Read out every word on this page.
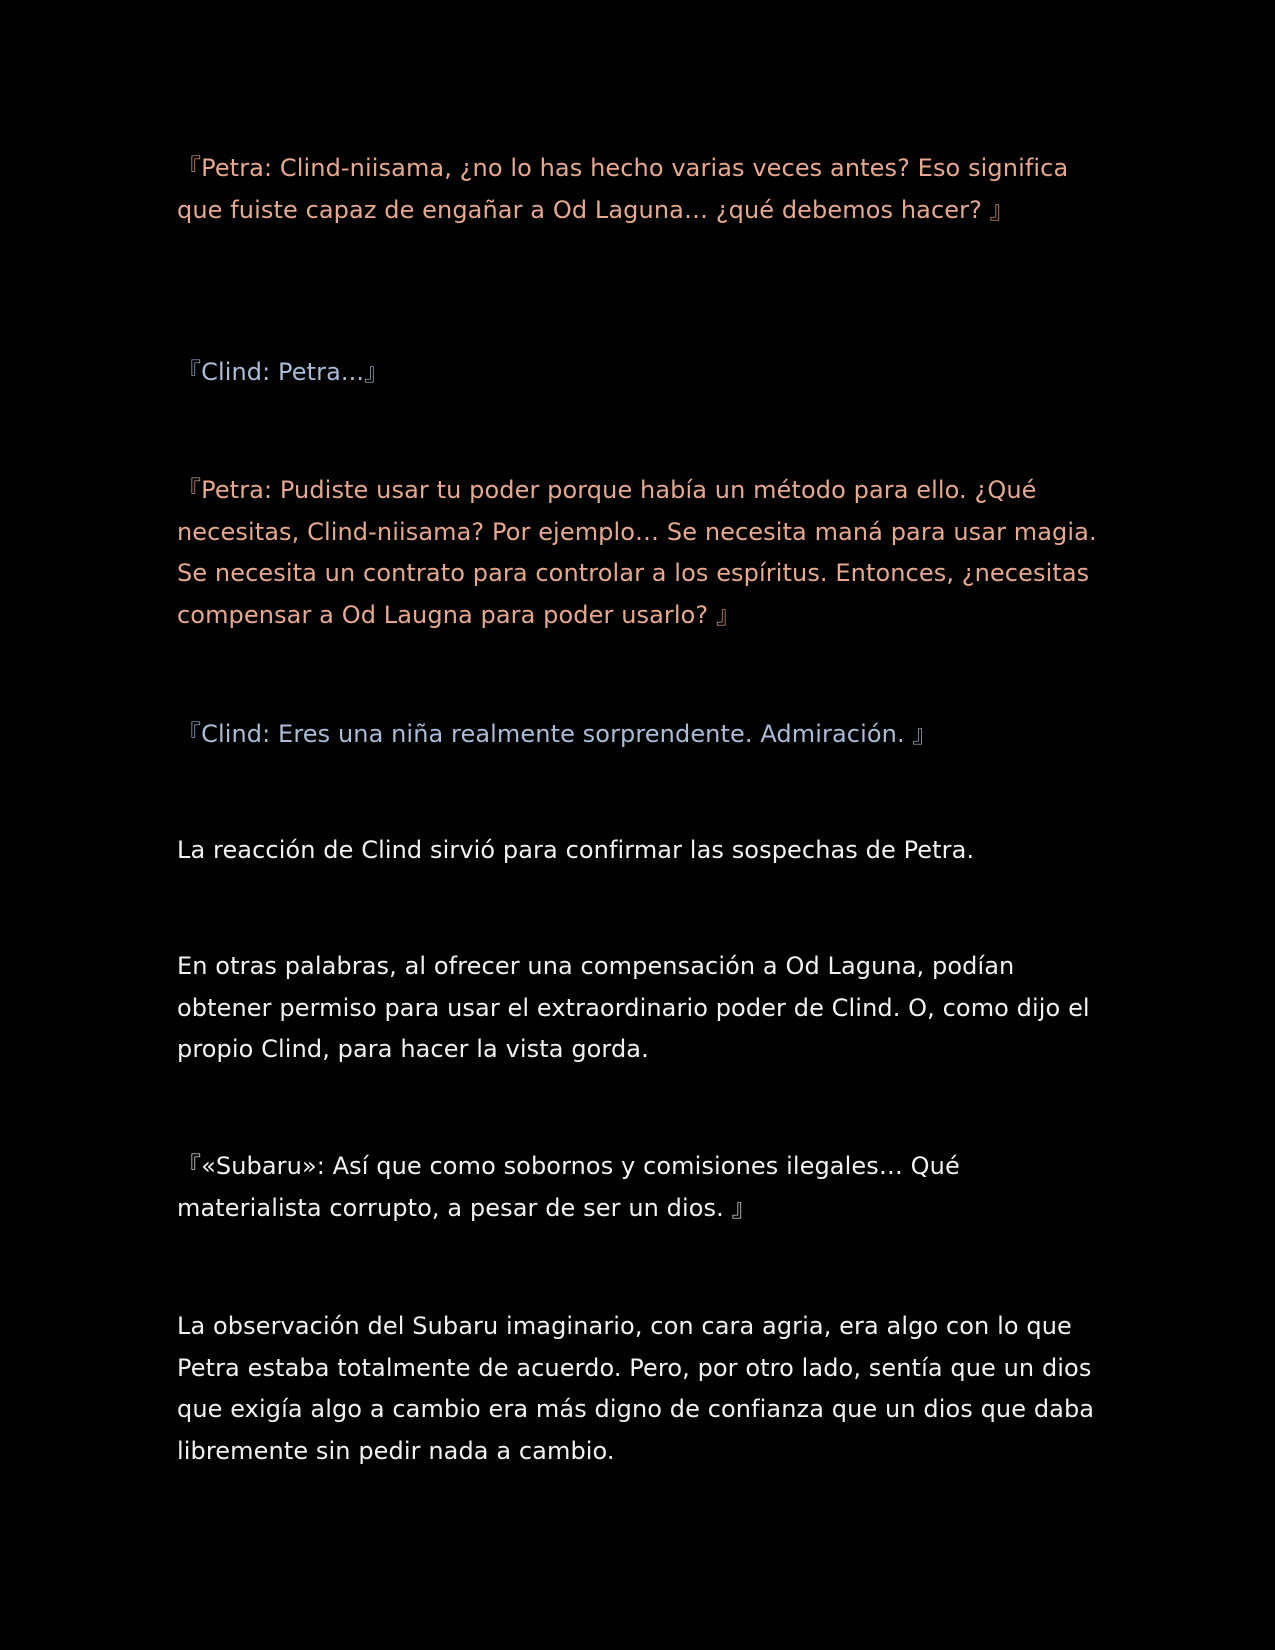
『Petra: Clind-niisama, ¿no lo has hecho varias veces antes? Eso significa que fuiste capaz de engañar a Od Laguna… ¿qué debemos hacer? 』

『Clind: Petra...』

『Petra: Pudiste usar tu poder porque había un método para ello. ¿Qué necesitas, Clind-niisama? Por ejemplo… Se necesita maná para usar magia. Se necesita un contrato para controlar a los espíritus. Entonces, ¿necesitas compensar a Od Laugna para poder usarlo? 』

『Clind: Eres una niña realmente sorprendente. Admiración. 』

La reacción de Clind sirvió para confirmar las sospechas de Petra.

En otras palabras, al ofrecer una compensación a Od Laguna, podían obtener permiso para usar el extraordinario poder de Clind. O, como dijo el propio Clind, para hacer la vista gorda.

『«Subaru»: Así que como sobornos y comisiones ilegales… Qué materialista corrupto, a pesar de ser un dios. 』

La observación del Subaru imaginario, con cara agria, era algo con lo que Petra estaba totalmente de acuerdo. Pero, por otro lado, sentía que un dios que exigía algo a cambio era más digno de confianza que un dios que daba libremente sin pedir nada a cambio.
